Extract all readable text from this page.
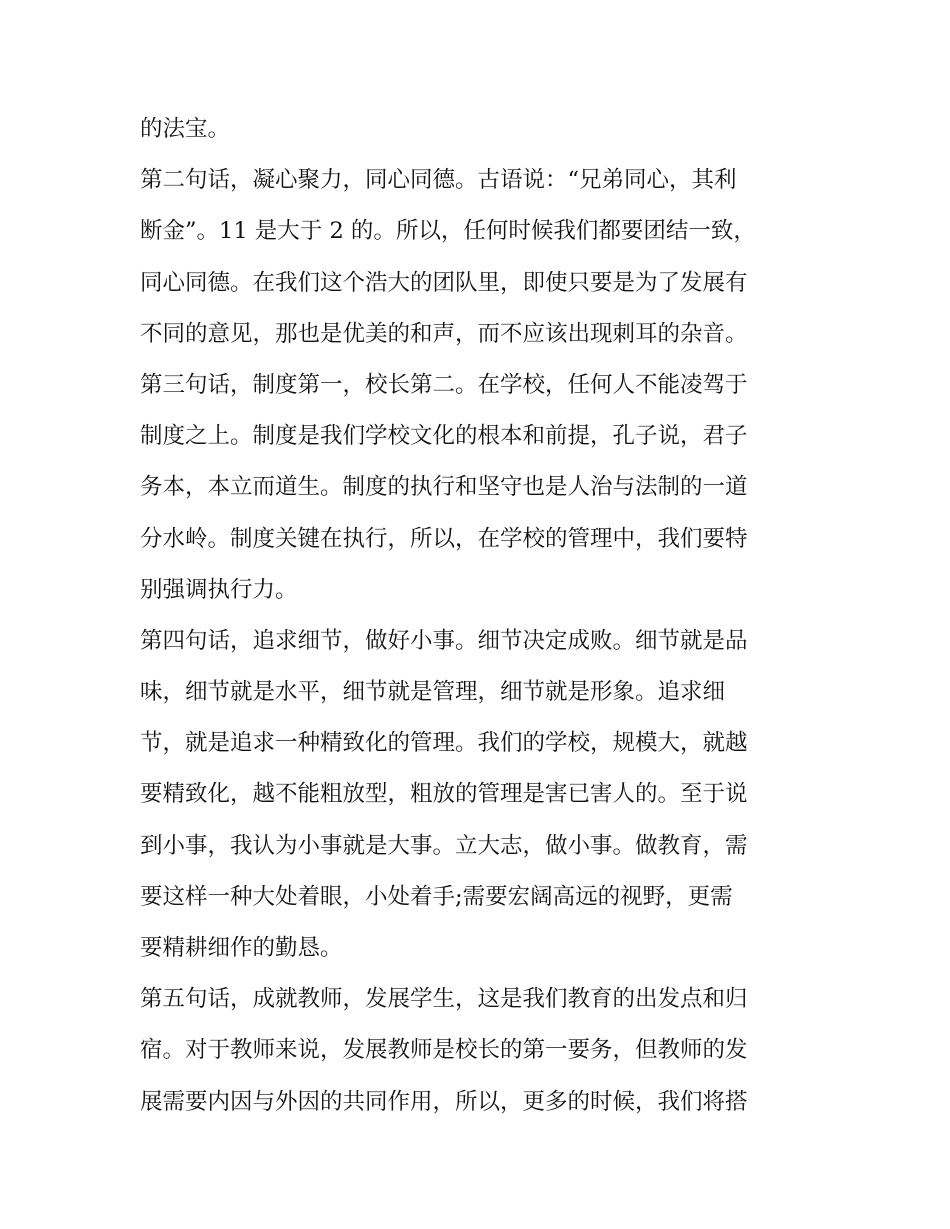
的法宝。
第二句话，凝心聚力，同心同德。古语说：“兄弟同心，其利
断金”。11 是大于 2 的。所以，任何时候我们都要团结一致，
同心同德。在我们这个浩大的团队里，即使只要是为了发展有
不同的意见，那也是优美的和声，而不应该出现刺耳的杂音。
第三句话，制度第一，校长第二。在学校，任何人不能凌驾于
制度之上。制度是我们学校文化的根本和前提，孔子说，君子
务本，本立而道生。制度的执行和坚守也是人治与法制的一道
分水岭。制度关键在执行，所以，在学校的管理中，我们要特
别强调执行力。
第四句话，追求细节，做好小事。细节决定成败。细节就是品
味，细节就是水平，细节就是管理，细节就是形象。追求细
节，就是追求一种精致化的管理。我们的学校，规模大，就越
要精致化，越不能粗放型，粗放的管理是害已害人的。至于说
到小事，我认为小事就是大事。立大志，做小事。做教育，需
要这样一种大处着眼，小处着手;需要宏阔高远的视野，更需
要精耕细作的勤恳。
第五句话，成就教师，发展学生，这是我们教育的出发点和归
宿。对于教师来说，发展教师是校长的第一要务，但教师的发
展需要内因与外因的共同作用，所以，更多的时候，我们将搭
